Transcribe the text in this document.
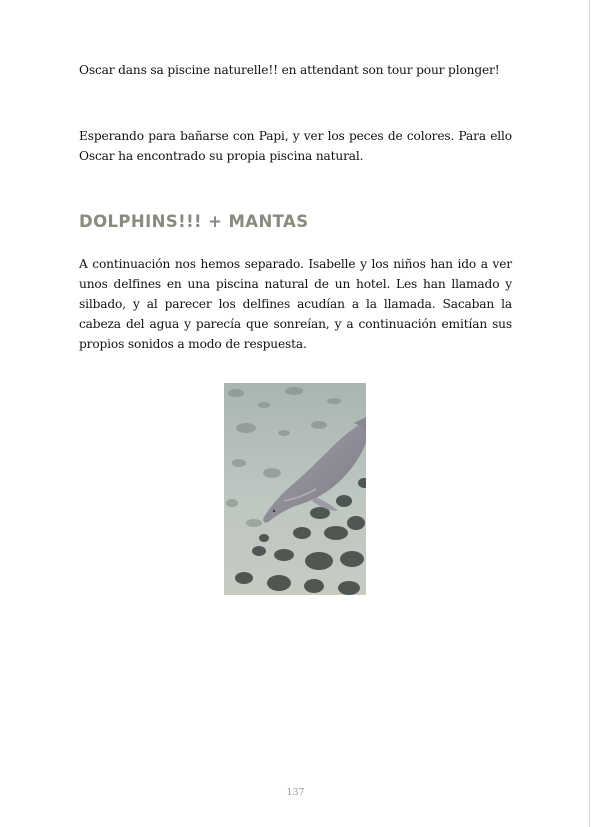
Oscar dans sa piscine naturelle!! en attendant son tour pour plonger!

Esperando para bañarse con Papi, y ver los peces de colores. Para ello Oscar ha encontrado su propia piscina natural.

DOLPHINS!!! + MANTAS

A continuación nos hemos separado. Isabelle y los niños han ido a ver unos delfines en una piscina natural de un hotel. Les han llamado y silbado, y al parecer los delfines acudían a la llamada. Sacaban la cabeza del agua y parecía que sonreían, y a continuación emitían sus propios sonidos a modo de respuesta.

137
